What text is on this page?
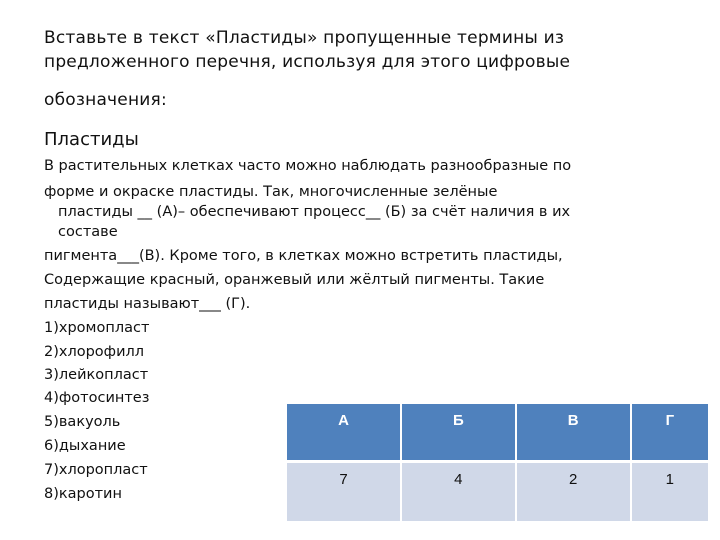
Вставьте в текст «Пластиды» пропущенные термины из
предложенного перечня, используя для этого цифровые
обозначения:
Пластиды
В растительных клетках часто можно наблюдать разнообразные по
форме и окраске пластиды. Так, многочисленные зелёные
пластиды __ (А)– обеспечивают процесс__ (Б) за счёт наличия в их
составе
пигмента___(В). Кроме того, в клетках можно встретить пластиды,
Содержащие красный, оранжевый или жёлтый пигменты. Такие
пластиды называют___ (Г).
1)хромопласт
2)хлорофилл
3)лейкопласт
4)фотосинтез
5)вакуоль
6)дыхание
7)хлоропласт
8)каротин
А	Б	В	Г
7	4	2	1
